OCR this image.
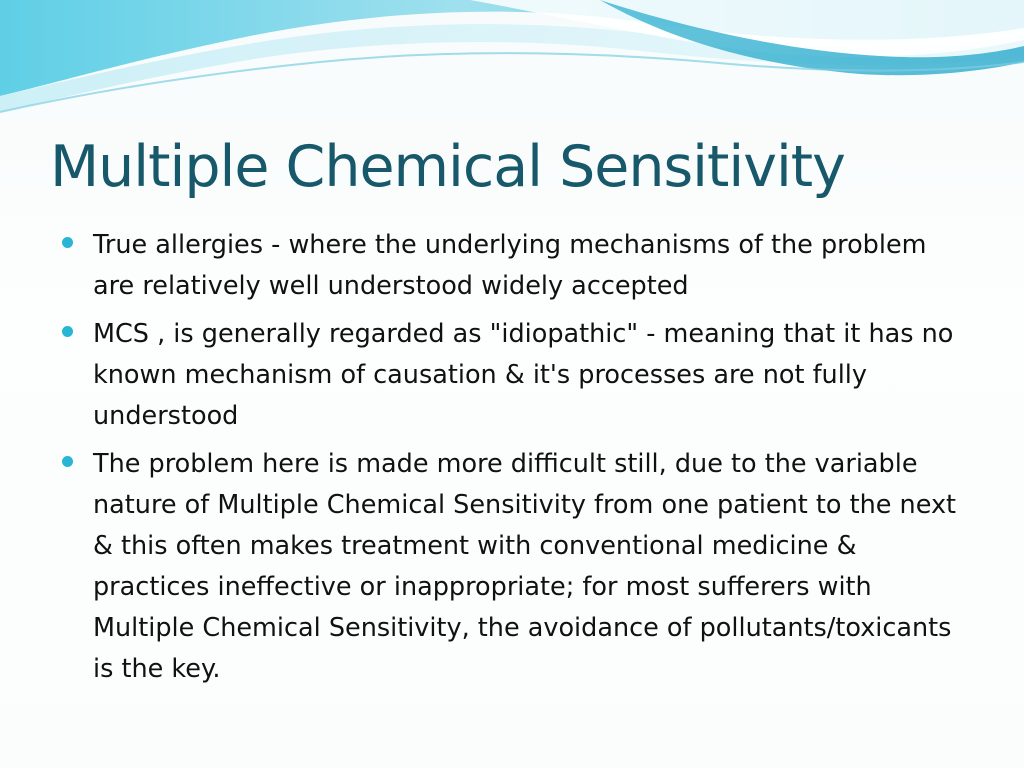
Multiple Chemical Sensitivity
True allergies - where the underlying mechanisms of the problem are relatively well understood widely accepted
MCS , is generally regarded as "idiopathic" - meaning that it has no known mechanism of causation & it's processes are not fully understood
The problem here is made more difficult still, due to the variable nature of Multiple Chemical Sensitivity from one patient to the next & this often makes treatment with conventional medicine & practices ineffective or inappropriate; for most sufferers with Multiple Chemical Sensitivity, the avoidance of pollutants/toxicants is the key.
